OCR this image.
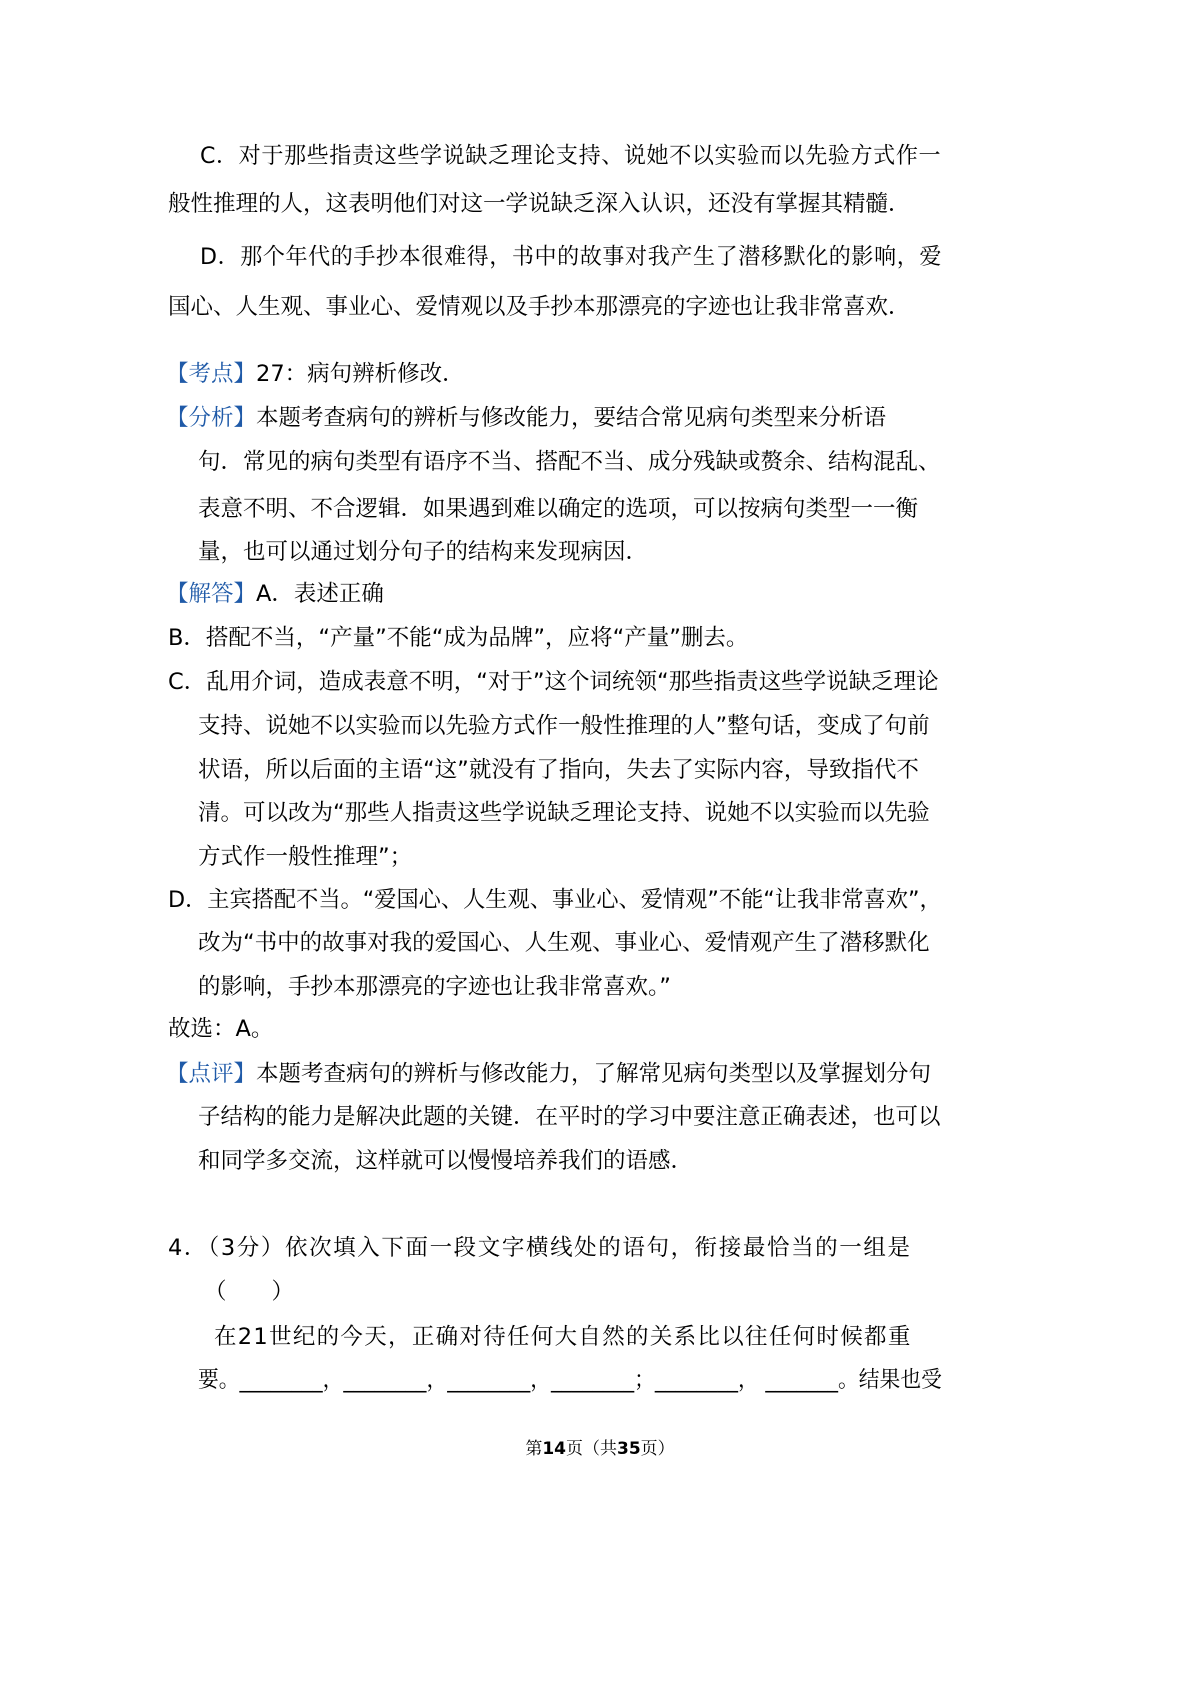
C．对于那些指责这些学说缺乏理论支持、说她不以实验而以先验方式作一

般性推理的人，这表明他们对这一学说缺乏深入认识，还没有掌握其精髓．

D．那个年代的手抄本很难得，书中的故事对我产生了潜移默化的影响，爱

国心、人生观、事业心、爱情观以及手抄本那漂亮的字迹也让我非常喜欢．

【考点】27：病句辨析修改．

【分析】本题考查病句的辨析与修改能力，要结合常见病句类型来分析语

句．常见的病句类型有语序不当、搭配不当、成分残缺或赘余、结构混乱、

表意不明、不合逻辑．如果遇到难以确定的选项，可以按病句类型一一衡

量，也可以通过划分句子的结构来发现病因．

【解答】A．表述正确

B．搭配不当，“产量”不能“成为品牌”，应将“产量”删去。

C．乱用介词，造成表意不明，“对于”这个词统领“那些指责这些学说缺乏理论

支持、说她不以实验而以先验方式作一般性推理的人”整句话，变成了句前

状语，所以后面的主语“这”就没有了指向，失去了实际内容，导致指代不

清。可以改为“那些人指责这些学说缺乏理论支持、说她不以实验而以先验

方式作一般性推理”；

D．主宾搭配不当。“爱国心、人生观、事业心、爱情观”不能“让我非常喜欢”，

改为“书中的故事对我的爱国心、人生观、事业心、爱情观产生了潜移默化

的影响，手抄本那漂亮的字迹也让我非常喜欢。”

故选：A。

【点评】本题考查病句的辨析与修改能力，了解常见病句类型以及掌握划分句

子结构的能力是解决此题的关键．在平时的学习中要注意正确表述，也可以

和同学多交流，这样就可以慢慢培养我们的语感．

4．（3分）依次填入下面一段文字横线处的语句，衔接最恰当的一组是

（　　）

在21世纪的今天，正确对待任何大自然的关系比以往任何时候都重

要。________，________，________，________；________， _______。结果也受

第14页（共35页）
